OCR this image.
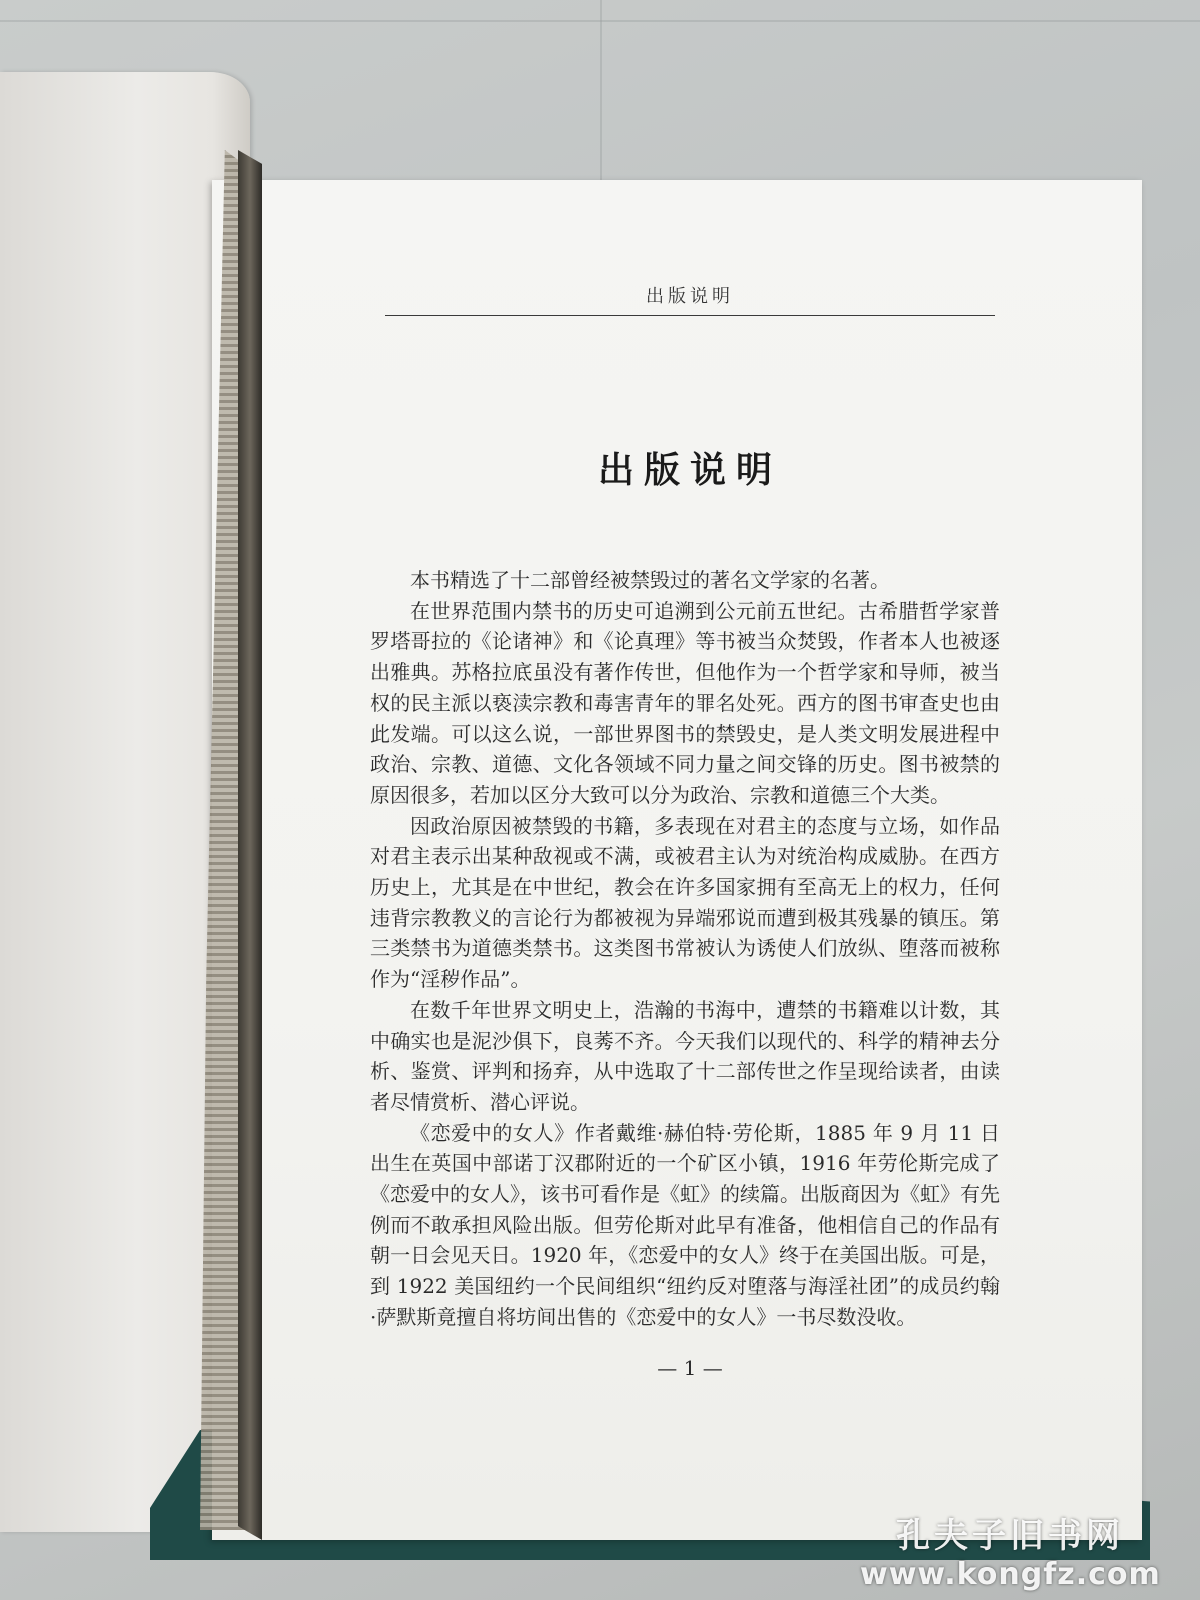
出版说明
出版说明

本书精选了十二部曾经被禁毁过的著名文学家的名著。

在世界范围内禁书的历史可追溯到公元前五世纪。古希腊哲学家普罗塔哥拉的《论诸神》和《论真理》等书被当众焚毁，作者本人也被逐出雅典。苏格拉底虽没有著作传世，但他作为一个哲学家和导师，被当权的民主派以亵渎宗教和毒害青年的罪名处死。西方的图书审查史也由此发端。可以这么说，一部世界图书的禁毁史，是人类文明发展进程中政治、宗教、道德、文化各领域不同力量之间交锋的历史。图书被禁的原因很多，若加以区分大致可以分为政治、宗教和道德三个大类。

因政治原因被禁毁的书籍，多表现在对君主的态度与立场，如作品对君主表示出某种敌视或不满，或被君主认为对统治构成威胁。在西方历史上，尤其是在中世纪，教会在许多国家拥有至高无上的权力，任何违背宗教教义的言论行为都被视为异端邪说而遭到极其残暴的镇压。第三类禁书为道德类禁书。这类图书常被认为诱使人们放纵、堕落而被称作为“淫秽作品”。

在数千年世界文明史上，浩瀚的书海中，遭禁的书籍难以计数，其中确实也是泥沙俱下，良莠不齐。今天我们以现代的、科学的精神去分析、鉴赏、评判和扬弃，从中选取了十二部传世之作呈现给读者，由读者尽情赏析、潜心评说。

《恋爱中的女人》作者戴维·赫伯特·劳伦斯，1885 年 9 月 11 日出生在英国中部诺丁汉郡附近的一个矿区小镇，1916 年劳伦斯完成了《恋爱中的女人》，该书可看作是《虹》的续篇。出版商因为《虹》有先例而不敢承担风险出版。但劳伦斯对此早有准备，他相信自己的作品有朝一日会见天日。1920 年，《恋爱中的女人》终于在美国出版。可是，到 1922 美国纽约一个民间组织“纽约反对堕落与海淫社团”的成员约翰·萨默斯竟擅自将坊间出售的《恋爱中的女人》一书尽数没收。

— 1 —
孔夫子旧书网
www.kongfz.com
